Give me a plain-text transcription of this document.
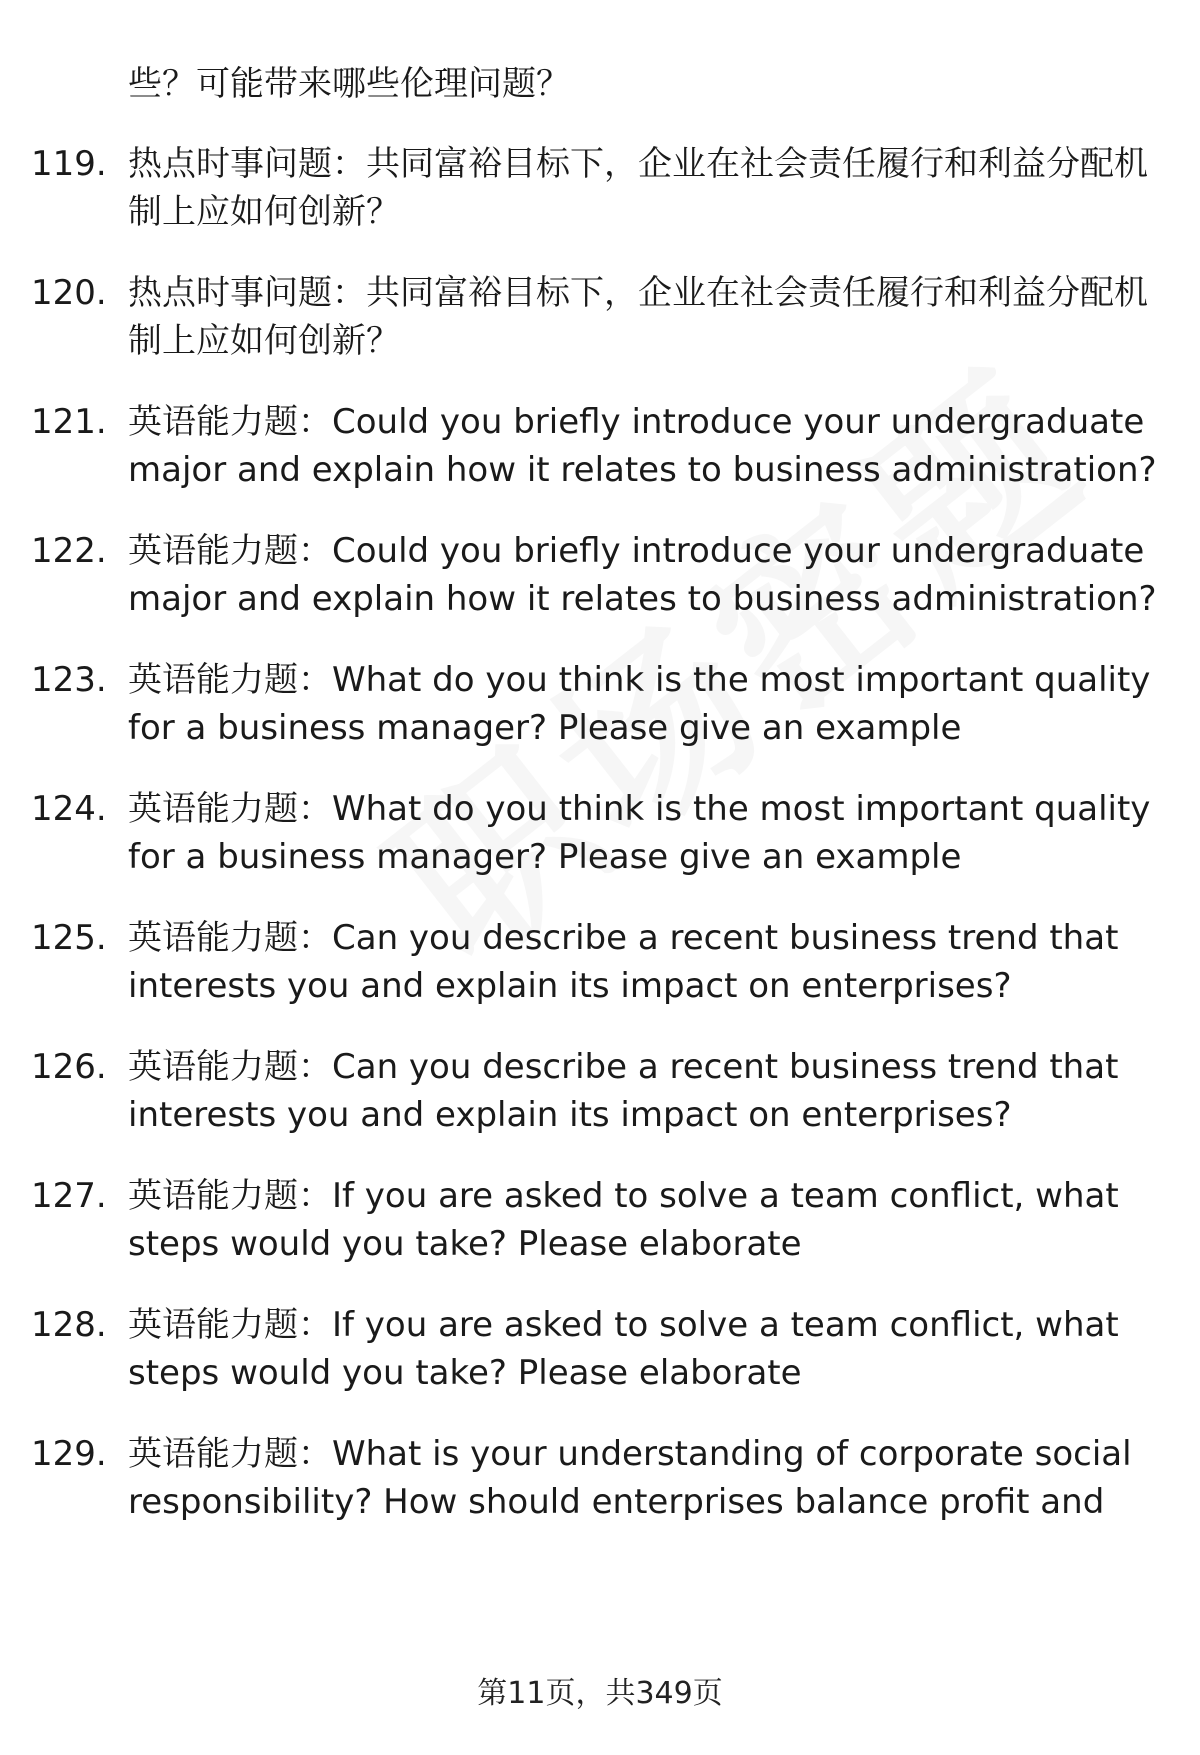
些？可能带来哪些伦理问题？
119. 热点时事问题：共同富裕目标下，企业在社会责任履行和利益分配机制上应如何创新？
120. 热点时事问题：共同富裕目标下，企业在社会责任履行和利益分配机制上应如何创新？
121. 英语能力题：Could you briefly introduce your undergraduate major and explain how it relates to business administration?
122. 英语能力题：Could you briefly introduce your undergraduate major and explain how it relates to business administration?
123. 英语能力题：What do you think is the most important quality for a business manager? Please give an example
124. 英语能力题：What do you think is the most important quality for a business manager? Please give an example
125. 英语能力题：Can you describe a recent business trend that interests you and explain its impact on enterprises?
126. 英语能力题：Can you describe a recent business trend that interests you and explain its impact on enterprises?
127. 英语能力题：If you are asked to solve a team conflict, what steps would you take? Please elaborate
128. 英语能力题：If you are asked to solve a team conflict, what steps would you take? Please elaborate
129. 英语能力题：What is your understanding of corporate social responsibility? How should enterprises balance profit and
第11页，共349页
